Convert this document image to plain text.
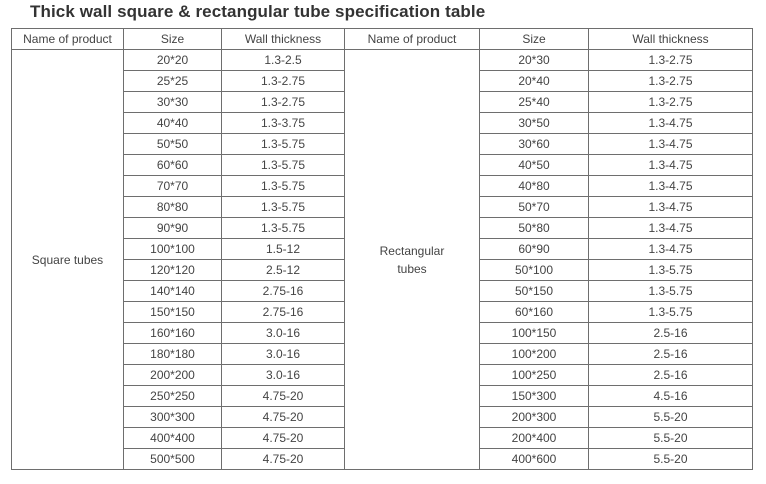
Thick wall square & rectangular tube specification table
Name of product	Size	Wall thickness	Name of product	Size	Wall thickness
Square tubes	20*20	1.3-2.5	Rectangular tubes	20*30	1.3-2.75
	25*25	1.3-2.75		20*40	1.3-2.75
	30*30	1.3-2.75		25*40	1.3-2.75
	40*40	1.3-3.75		30*50	1.3-4.75
	50*50	1.3-5.75		30*60	1.3-4.75
	60*60	1.3-5.75		40*50	1.3-4.75
	70*70	1.3-5.75		40*80	1.3-4.75
	80*80	1.3-5.75		50*70	1.3-4.75
	90*90	1.3-5.75		50*80	1.3-4.75
	100*100	1.5-12		60*90	1.3-4.75
	120*120	2.5-12		50*100	1.3-5.75
	140*140	2.75-16		50*150	1.3-5.75
	150*150	2.75-16		60*160	1.3-5.75
	160*160	3.0-16		100*150	2.5-16
	180*180	3.0-16		100*200	2.5-16
	200*200	3.0-16		100*250	2.5-16
	250*250	4.75-20		150*300	4.5-16
	300*300	4.75-20		200*300	5.5-20
	400*400	4.75-20		200*400	5.5-20
	500*500	4.75-20		400*600	5.5-20
